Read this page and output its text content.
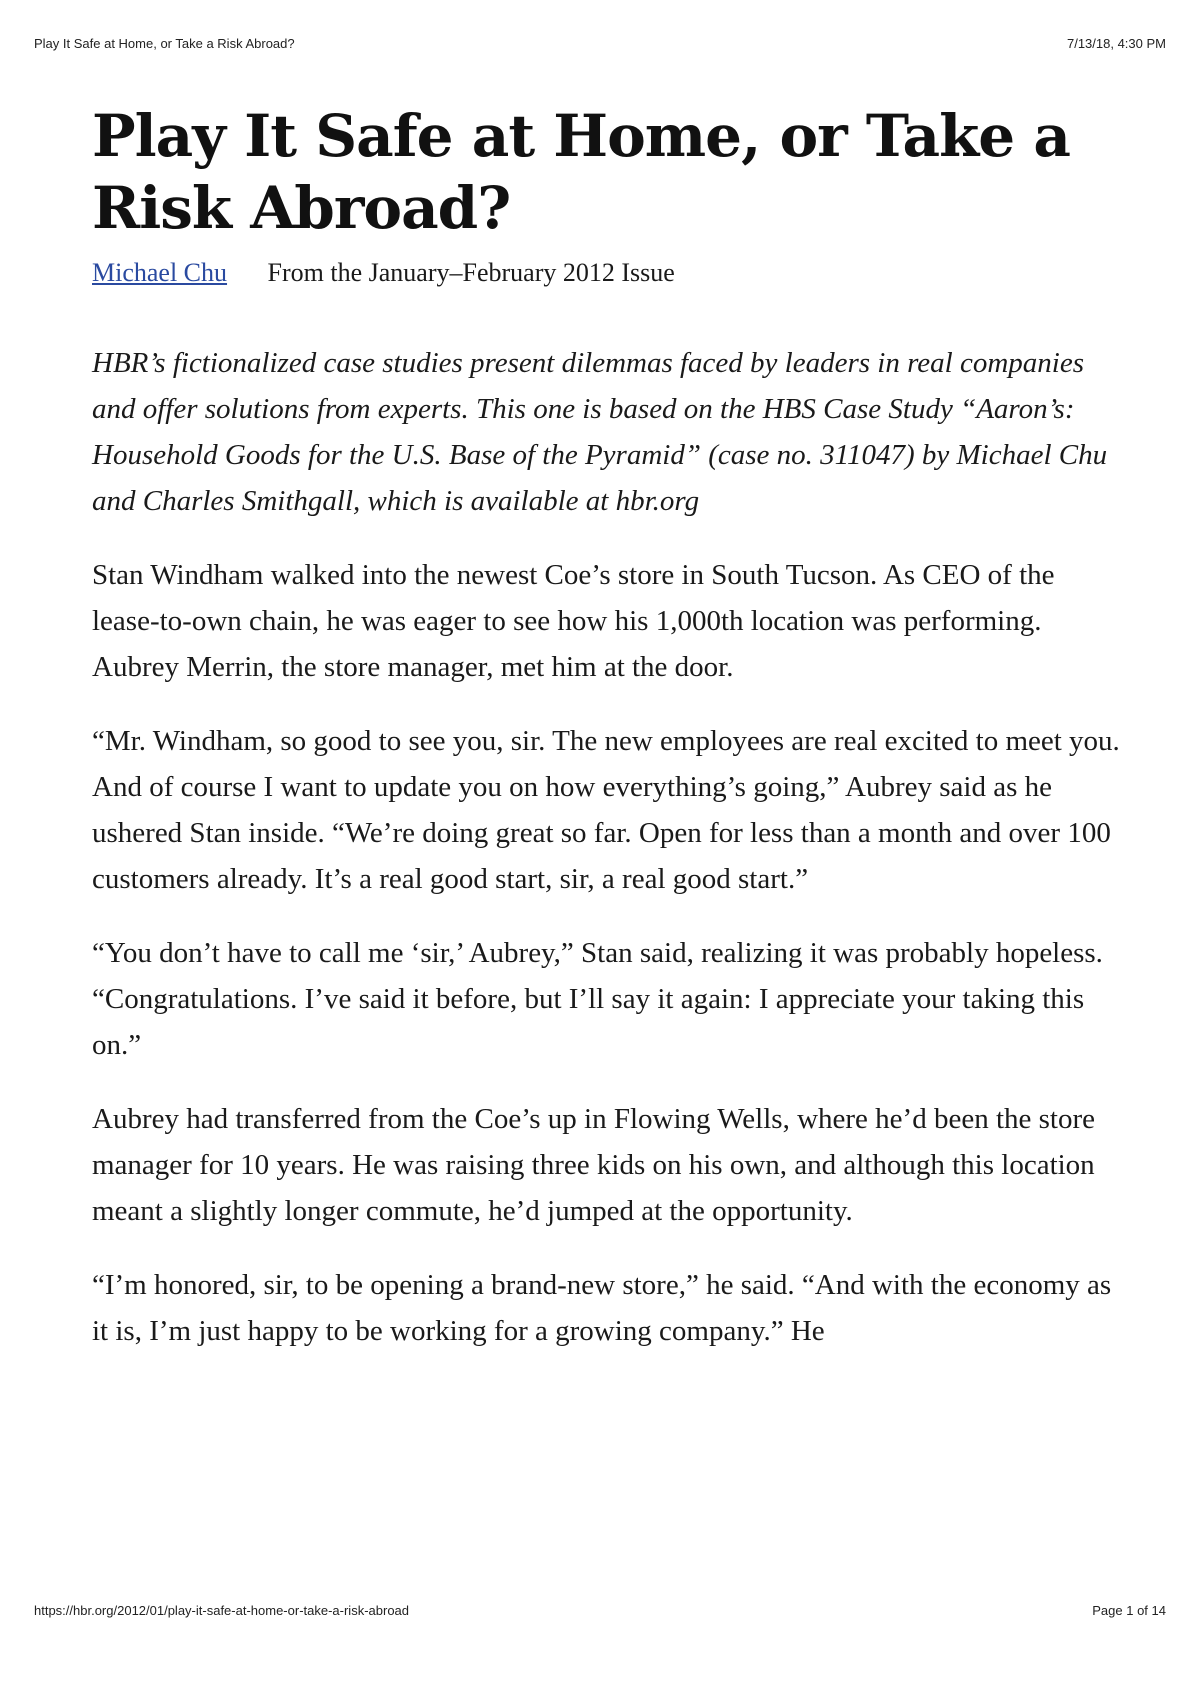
Play It Safe at Home, or Take a Risk Abroad?	7/13/18, 4:30 PM
Play It Safe at Home, or Take a Risk Abroad?
Michael Chu From the January–February 2012 Issue

HBR’s fictionalized case studies present dilemmas faced by leaders in real companies and offer solutions from experts. This one is based on the HBS Case Study “Aaron’s: Household Goods for the U.S. Base of the Pyramid” (case no. 311047) by Michael Chu and Charles Smithgall, which is available at hbr.org

Stan Windham walked into the newest Coe’s store in South Tucson. As CEO of the lease-to-own chain, he was eager to see how his 1,000th location was performing. Aubrey Merrin, the store manager, met him at the door.

“Mr. Windham, so good to see you, sir. The new employees are real excited to meet you. And of course I want to update you on how everything’s going,” Aubrey said as he ushered Stan inside. “We’re doing great so far. Open for less than a month and over 100 customers already. It’s a real good start, sir, a real good start.”

“You don’t have to call me ‘sir,’ Aubrey,” Stan said, realizing it was probably hopeless. “Congratulations. I’ve said it before, but I’ll say it again: I appreciate your taking this on.”

Aubrey had transferred from the Coe’s up in Flowing Wells, where he’d been the store manager for 10 years. He was raising three kids on his own, and although this location meant a slightly longer commute, he’d jumped at the opportunity.

“I’m honored, sir, to be opening a brand-new store,” he said. “And with the economy as it is, I’m just happy to be working for a growing company.” He

https://hbr.org/2012/01/play-it-safe-at-home-or-take-a-risk-abroad	Page 1 of 14
